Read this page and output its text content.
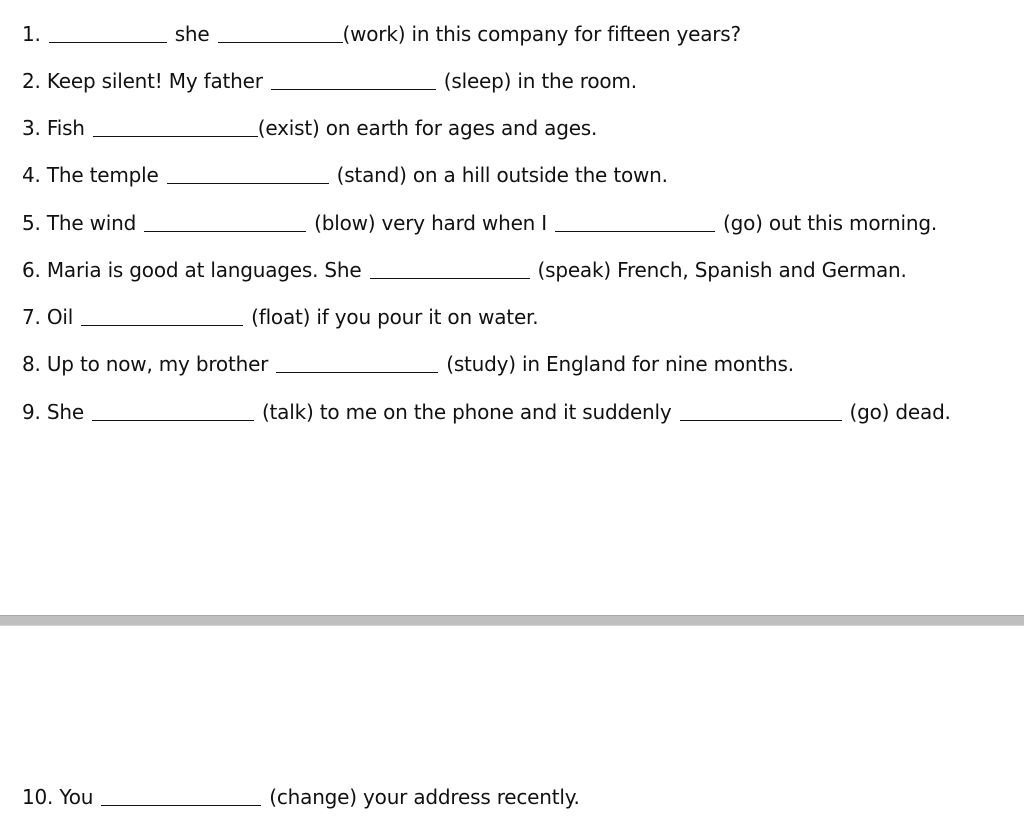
1.	she	(work) in this company for fifteen years?
2.
Keep silent! My father	(sleep) in the room.
3.
Fish	(exist) on earth for ages and ages.
4.
The temple	(stand) on a hill outside the town.
5.
The wind	(blow) very hard when I	(go) out this morning.
6.
Maria is good at languages. She	(speak) French, Spanish and German.
7.
Oil	(float) if you pour it on water.
8.
Up to now, my brother	(study) in England for nine months.
9.
She	(talk) to me on the phone and it suddenly	(go) dead.
10.
You	(change) your address recently.
